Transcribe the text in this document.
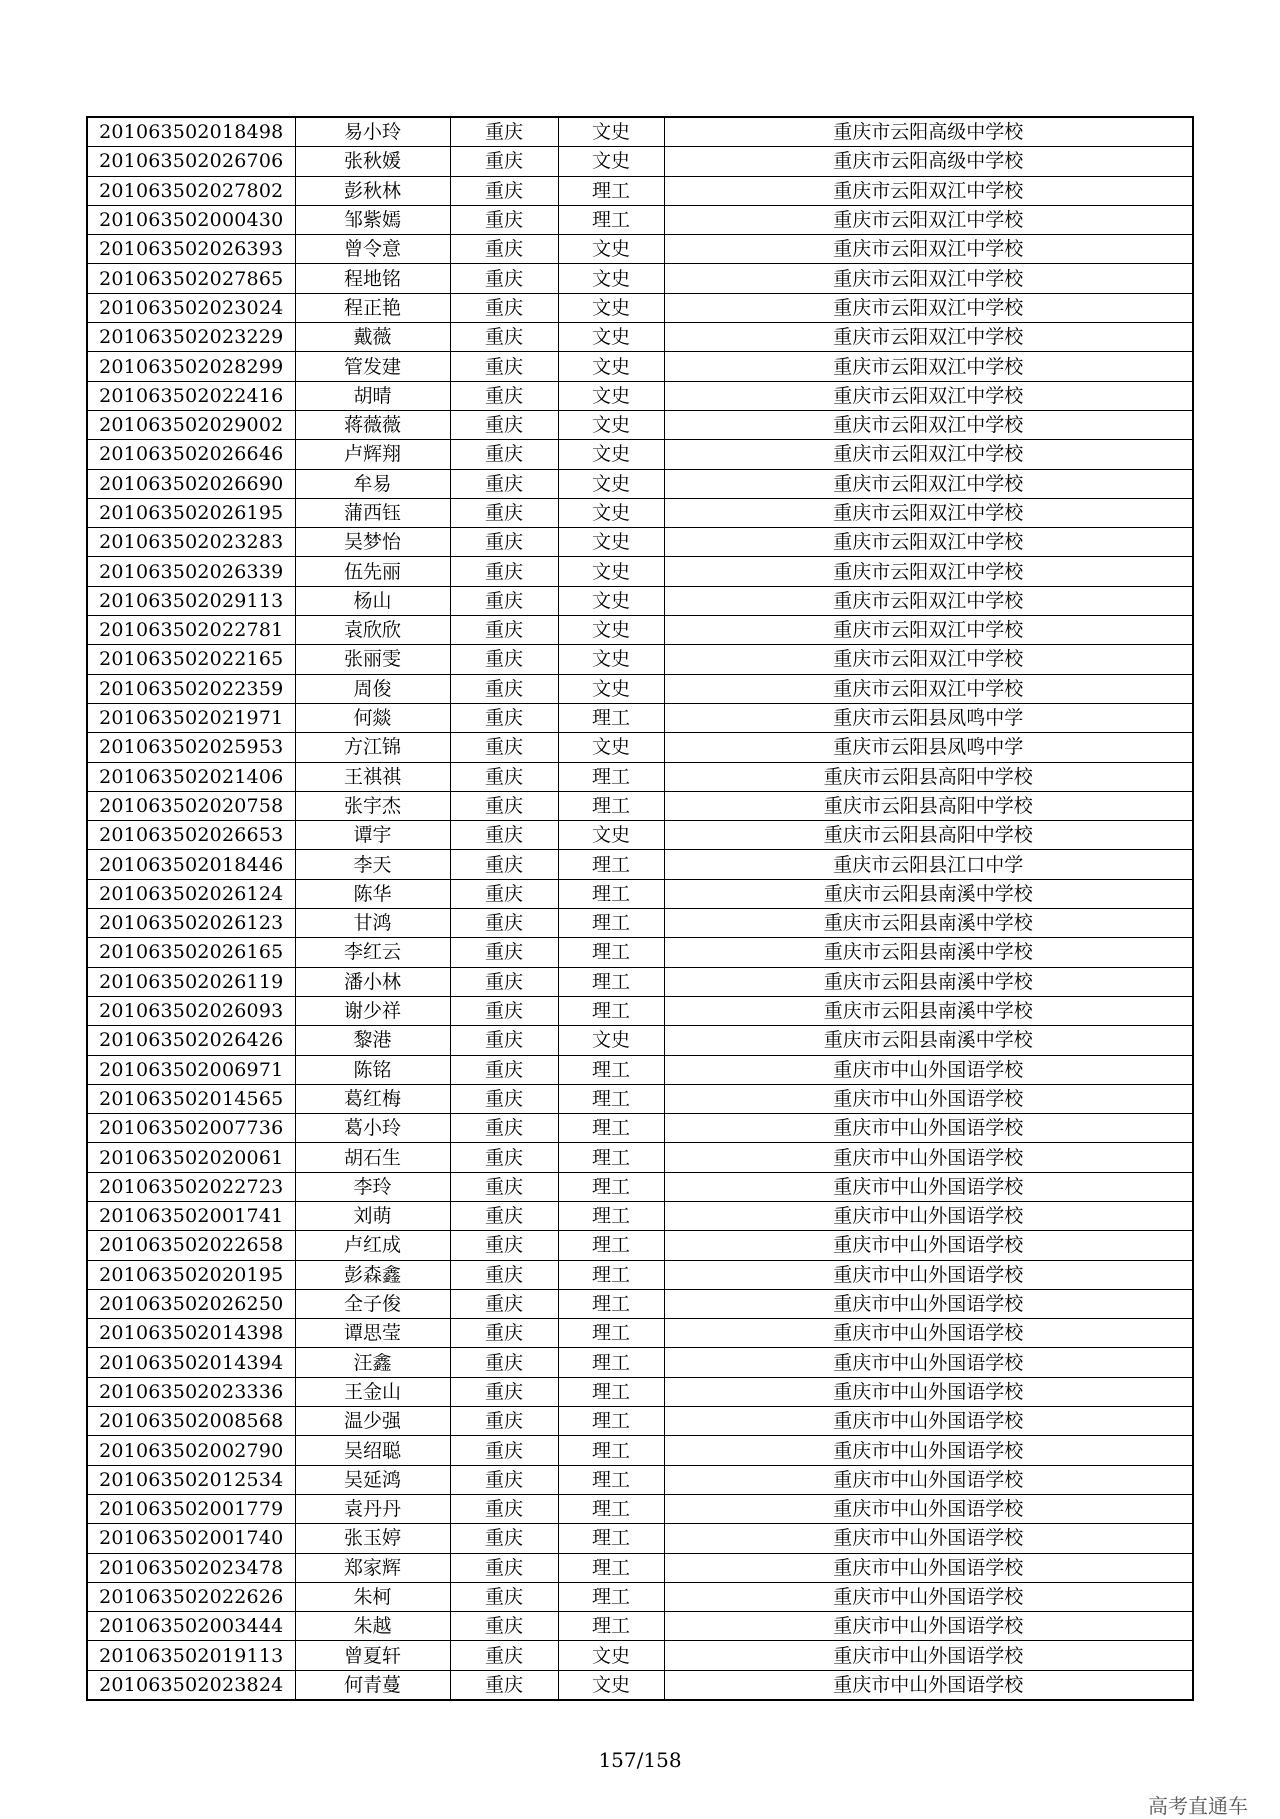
201063502018498	易小玲	重庆	文史	重庆市云阳高级中学校
201063502026706	张秋媛	重庆	文史	重庆市云阳高级中学校
201063502027802	彭秋林	重庆	理工	重庆市云阳双江中学校
201063502000430	邹紫嫣	重庆	理工	重庆市云阳双江中学校
201063502026393	曾令意	重庆	文史	重庆市云阳双江中学校
201063502027865	程地铭	重庆	文史	重庆市云阳双江中学校
201063502023024	程正艳	重庆	文史	重庆市云阳双江中学校
201063502023229	戴薇	重庆	文史	重庆市云阳双江中学校
201063502028299	管发建	重庆	文史	重庆市云阳双江中学校
201063502022416	胡晴	重庆	文史	重庆市云阳双江中学校
201063502029002	蒋薇薇	重庆	文史	重庆市云阳双江中学校
201063502026646	卢辉翔	重庆	文史	重庆市云阳双江中学校
201063502026690	牟易	重庆	文史	重庆市云阳双江中学校
201063502026195	蒲西钰	重庆	文史	重庆市云阳双江中学校
201063502023283	吴梦怡	重庆	文史	重庆市云阳双江中学校
201063502026339	伍先丽	重庆	文史	重庆市云阳双江中学校
201063502029113	杨山	重庆	文史	重庆市云阳双江中学校
201063502022781	袁欣欣	重庆	文史	重庆市云阳双江中学校
201063502022165	张丽雯	重庆	文史	重庆市云阳双江中学校
201063502022359	周俊	重庆	文史	重庆市云阳双江中学校
201063502021971	何燚	重庆	理工	重庆市云阳县凤鸣中学
201063502025953	方江锦	重庆	文史	重庆市云阳县凤鸣中学
201063502021406	王祺祺	重庆	理工	重庆市云阳县高阳中学校
201063502020758	张宇杰	重庆	理工	重庆市云阳县高阳中学校
201063502026653	谭宇	重庆	文史	重庆市云阳县高阳中学校
201063502018446	李天	重庆	理工	重庆市云阳县江口中学
201063502026124	陈华	重庆	理工	重庆市云阳县南溪中学校
201063502026123	甘鸿	重庆	理工	重庆市云阳县南溪中学校
201063502026165	李红云	重庆	理工	重庆市云阳县南溪中学校
201063502026119	潘小林	重庆	理工	重庆市云阳县南溪中学校
201063502026093	谢少祥	重庆	理工	重庆市云阳县南溪中学校
201063502026426	黎港	重庆	文史	重庆市云阳县南溪中学校
201063502006971	陈铭	重庆	理工	重庆市中山外国语学校
201063502014565	葛红梅	重庆	理工	重庆市中山外国语学校
201063502007736	葛小玲	重庆	理工	重庆市中山外国语学校
201063502020061	胡石生	重庆	理工	重庆市中山外国语学校
201063502022723	李玲	重庆	理工	重庆市中山外国语学校
201063502001741	刘萌	重庆	理工	重庆市中山外国语学校
201063502022658	卢红成	重庆	理工	重庆市中山外国语学校
201063502020195	彭森鑫	重庆	理工	重庆市中山外国语学校
201063502026250	全子俊	重庆	理工	重庆市中山外国语学校
201063502014398	谭思莹	重庆	理工	重庆市中山外国语学校
201063502014394	汪鑫	重庆	理工	重庆市中山外国语学校
201063502023336	王金山	重庆	理工	重庆市中山外国语学校
201063502008568	温少强	重庆	理工	重庆市中山外国语学校
201063502002790	吴绍聪	重庆	理工	重庆市中山外国语学校
201063502012534	吴延鸿	重庆	理工	重庆市中山外国语学校
201063502001779	袁丹丹	重庆	理工	重庆市中山外国语学校
201063502001740	张玉婷	重庆	理工	重庆市中山外国语学校
201063502023478	郑家辉	重庆	理工	重庆市中山外国语学校
201063502022626	朱柯	重庆	理工	重庆市中山外国语学校
201063502003444	朱越	重庆	理工	重庆市中山外国语学校
201063502019113	曾夏轩	重庆	文史	重庆市中山外国语学校
201063502023824	何青蔓	重庆	文史	重庆市中山外国语学校
157/158
高考直通车
